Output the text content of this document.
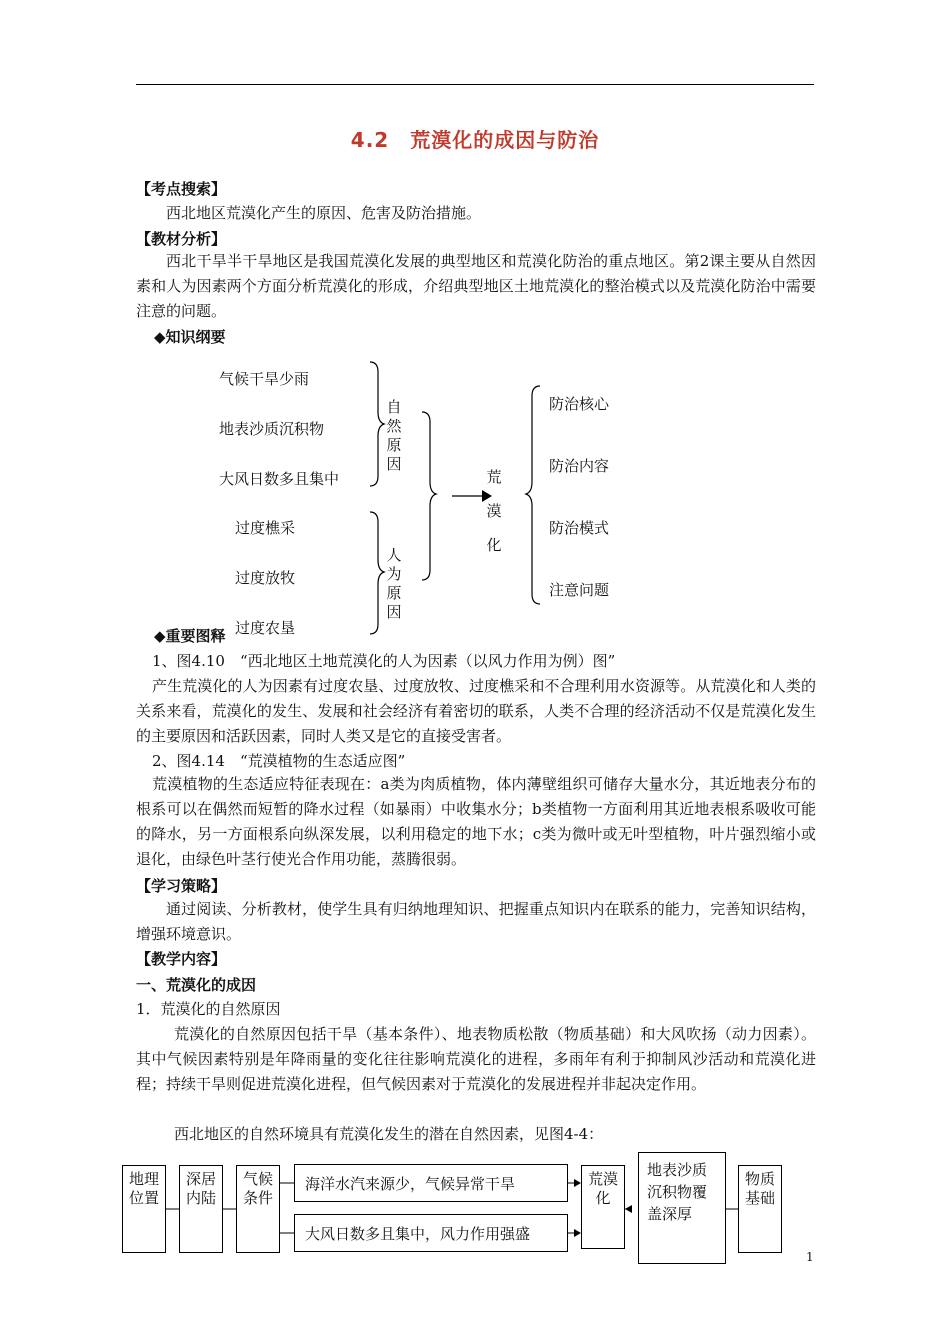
4.2　荒漠化的成因与防治
【考点搜索】
西北地区荒漠化产生的原因、危害及防治措施。
【教材分析】
西北干旱半干旱地区是我国荒漠化发展的典型地区和荒漠化防治的重点地区。第2课主要从自然因素和人为因素两个方面分析荒漠化的形成，介绍典型地区土地荒漠化的整治模式以及荒漠化防治中需要注意的问题。
◆知识纲要
气候干旱少雨
地表沙质沉积物
大风日数多且集中
过度樵采
过度放牧
过度农垦
自然原因
人为原因
荒漠化
防治核心
防治内容
防治模式
注意问题
◆重要图释
1、图4.10　“西北地区土地荒漠化的人为因素（以风力作用为例）图”
产生荒漠化的人为因素有过度农垦、过度放牧、过度樵采和不合理利用水资源等。从荒漠化和人类的关系来看，荒漠化的发生、发展和社会经济有着密切的联系，人类不合理的经济活动不仅是荒漠化发生的主要原因和活跃因素，同时人类又是它的直接受害者。
2、图4.14　“荒漠植物的生态适应图”
荒漠植物的生态适应特征表现在：a类为肉质植物，体内薄壁组织可储存大量水分，其近地表分布的根系可以在偶然而短暂的降水过程（如暴雨）中收集水分；b类植物一方面利用其近地表根系吸收可能的降水，另一方面根系向纵深发展，以利用稳定的地下水；c类为微叶或无叶型植物，叶片强烈缩小或退化，由绿色叶茎行使光合作用功能，蒸腾很弱。
【学习策略】
通过阅读、分析教材，使学生具有归纳地理知识、把握重点知识内在联系的能力，完善知识结构，增强环境意识。
【教学内容】
一、荒漠化的成因
1．荒漠化的自然原因
荒漠化的自然原因包括干旱（基本条件）、地表物质松散（物质基础）和大风吹扬（动力因素）。其中气候因素特别是年降雨量的变化往往影响荒漠化的进程，多雨年有利于抑制风沙活动和荒漠化进程；持续干旱则促进荒漠化进程，但气候因素对于荒漠化的发展进程并非起决定作用。
西北地区的自然环境具有荒漠化发生的潜在自然因素，见图4-4：
地理位置
深居内陆
气候条件
海洋水汽来源少，气候异常干旱
大风日数多且集中，风力作用强盛
荒漠化
地表沙质沉积物覆盖深厚
物质基础
1
